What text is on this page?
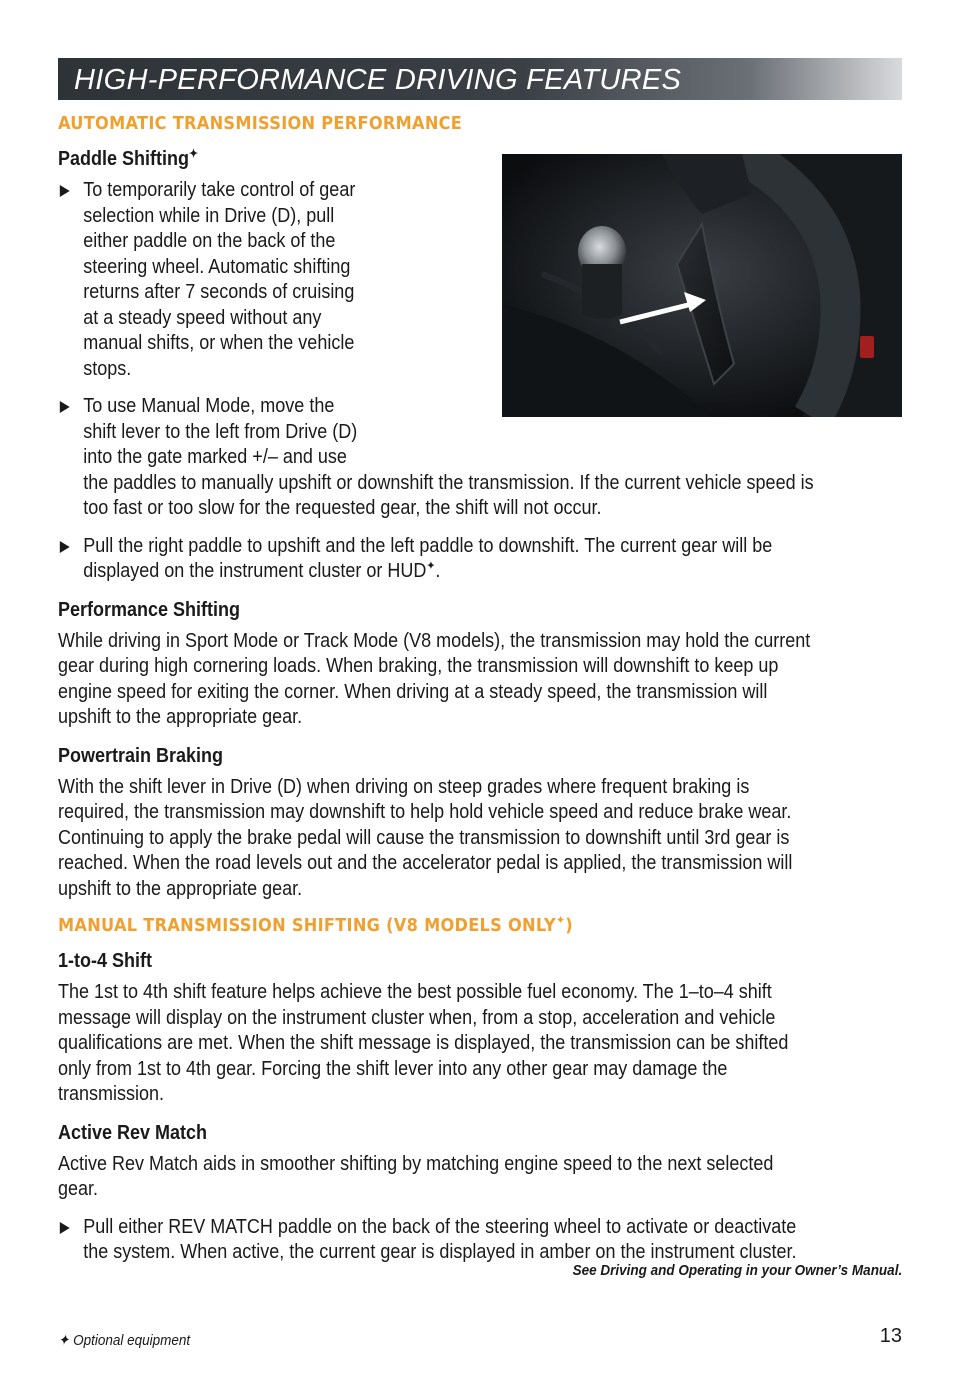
HIGH-PERFORMANCE DRIVING FEATURES
AUTOMATIC TRANSMISSION PERFORMANCE
Paddle Shifting✦
To temporarily take control of gear selection while in Drive (D), pull either paddle on the back of the steering wheel. Automatic shifting returns after 7 seconds of cruising at a steady speed without any manual shifts, or when the vehicle stops.
To use Manual Mode, move the shift lever to the left from Drive (D) into the gate marked +/– and use the paddles to manually upshift or downshift the transmission. If the current vehicle speed is too fast or too slow for the requested gear, the shift will not occur.
Pull the right paddle to upshift and the left paddle to downshift. The current gear will be displayed on the instrument cluster or HUD✦.
Performance Shifting
While driving in Sport Mode or Track Mode (V8 models), the transmission may hold the current gear during high cornering loads. When braking, the transmission will downshift to keep up engine speed for exiting the corner. When driving at a steady speed, the transmission will upshift to the appropriate gear.
Powertrain Braking
With the shift lever in Drive (D) when driving on steep grades where frequent braking is required, the transmission may downshift to help hold vehicle speed and reduce brake wear. Continuing to apply the brake pedal will cause the transmission to downshift until 3rd gear is reached. When the road levels out and the accelerator pedal is applied, the transmission will upshift to the appropriate gear.
MANUAL TRANSMISSION SHIFTING (V8 MODELS ONLY✦)
1-to-4 Shift
The 1st to 4th shift feature helps achieve the best possible fuel economy. The 1–to–4 shift message will display on the instrument cluster when, from a stop, acceleration and vehicle qualifications are met. When the shift message is displayed, the transmission can be shifted only from 1st to 4th gear. Forcing the shift lever into any other gear may damage the transmission.
Active Rev Match
Active Rev Match aids in smoother shifting by matching engine speed to the next selected gear.
Pull either REV MATCH paddle on the back of the steering wheel to activate or deactivate the system. When active, the current gear is displayed in amber on the instrument cluster.
See Driving and Operating in your Owner’s Manual.
✦ Optional equipment	13
